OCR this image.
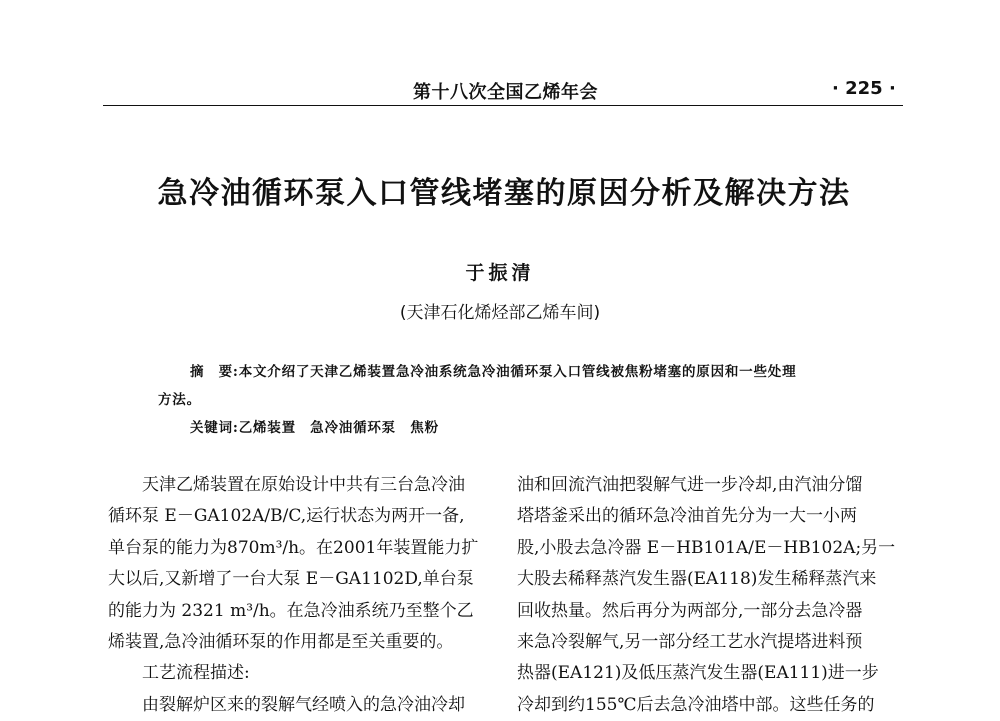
第十八次全国乙烯年会	· 225 ·
急冷油循环泵入口管线堵塞的原因分析及解决方法
于振清
(天津石化烯烃部乙烯车间)
摘　要:本文介绍了天津乙烯装置急冷油系统急冷油循环泵入口管线被焦粉堵塞的原因和一些处理
方法。
关键词:乙烯装置　急冷油循环泵　焦粉

　　天津乙烯装置在原始设计中共有三台急冷油

循环泵 E－GA102A/B/C,运行状态为两开一备,

单台泵的能力为870m³/h。在2001年装置能力扩

大以后,又新增了一台大泵 E－GA1102D,单台泵

的能力为 2321 m³/h。在急冷油系统乃至整个乙

烯装置,急冷油循环泵的作用都是至关重要的。

　　工艺流程描述:

　　由裂解炉区来的裂解气经喷入的急冷油冷却

油和回流汽油把裂解气进一步冷却,由汽油分馏

塔塔釜采出的循环急冷油首先分为一大一小两

股,小股去急冷器 E－HB101A/E－HB102A;另一

大股去稀释蒸汽发生器(EA118)发生稀释蒸汽来

回收热量。然后再分为两部分,一部分去急冷器

来急冷裂解气,另一部分经工艺水汽提塔进料预

热器(EA121)及低压蒸汽发生器(EA111)进一步

冷却到约155℃后去急冷油塔中部。这些任务的
